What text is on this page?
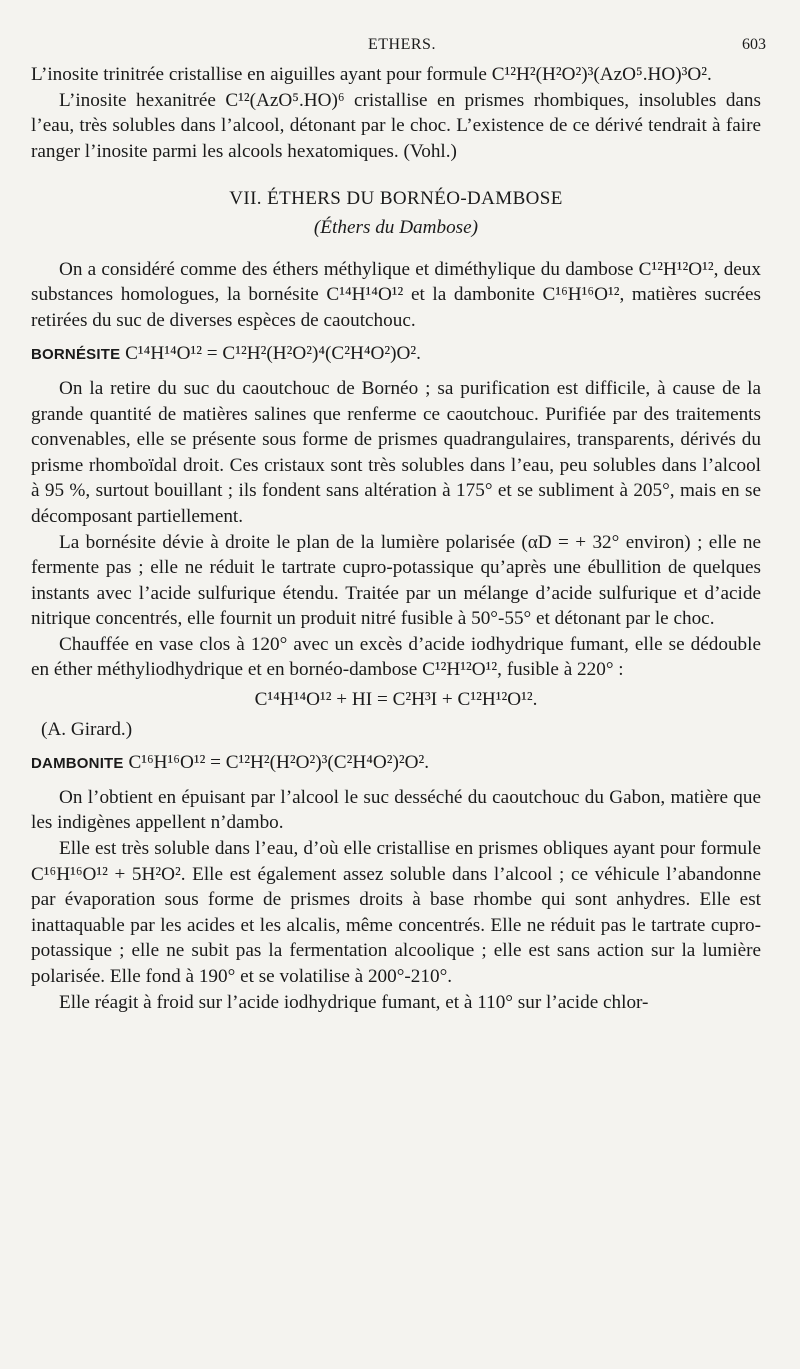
ETHERS.	603

L’inosite trinitrée cristallise en aiguilles ayant pour formule C¹²H²(H²O²)³(AzO⁵.HO)³O².

L’inosite hexanitrée C¹²(AzO⁵.HO)⁶ cristallise en prismes rhombiques, insolubles dans l’eau, très solubles dans l’alcool, détonant par le choc. L’existence de ce dérivé tendrait à faire ranger l’inosite parmi les alcools hexatomiques. (Vohl.)

VII. ÉTHERS DU BORNÉO-DAMBOSE
(Éthers du Dambose)

On a considéré comme des éthers méthylique et diméthylique du dambose C¹²H¹²O¹², deux substances homologues, la bornésite C¹⁴H¹⁴O¹² et la dambonite C¹⁶H¹⁶O¹², matières sucrées retirées du suc de diverses espèces de caoutchouc.

BORNÉSITE C¹⁴H¹⁴O¹² = C¹²H²(H²O²)⁴(C²H⁴O²)O².

On la retire du suc du caoutchouc de Bornéo ; sa purification est difficile, à cause de la grande quantité de matières salines que renferme ce caoutchouc. Purifiée par des traitements convenables, elle se présente sous forme de prismes quadrangulaires, transparents, dérivés du prisme rhomboïdal droit. Ces cristaux sont très solubles dans l’eau, peu solubles dans l’alcool à 95 %, surtout bouillant ; ils fondent sans altération à 175° et se subliment à 205°, mais en se décomposant partiellement.

La bornésite dévie à droite le plan de la lumière polarisée (αD = + 32° environ) ; elle ne fermente pas ; elle ne réduit le tartrate cupro-potassique qu’après une ébullition de quelques instants avec l’acide sulfurique étendu. Traitée par un mélange d’acide sulfurique et d’acide nitrique concentrés, elle fournit un produit nitré fusible à 50°-55° et détonant par le choc.

Chauffée en vase clos à 120° avec un excès d’acide iodhydrique fumant, elle se dédouble en éther méthyliodhydrique et en bornéo-dambose C¹²H¹²O¹², fusible à 220° :

C¹⁴H¹⁴O¹² + HI = C²H³I + C¹²H¹²O¹².

(A. Girard.)

DAMBONITE C¹⁶H¹⁶O¹² = C¹²H²(H²O²)³(C²H⁴O²)²O².

On l’obtient en épuisant par l’alcool le suc desséché du caoutchouc du Gabon, matière que les indigènes appellent n’dambo.

Elle est très soluble dans l’eau, d’où elle cristallise en prismes obliques ayant pour formule C¹⁶H¹⁶O¹² + 5H²O². Elle est également assez soluble dans l’alcool ; ce véhicule l’abandonne par évaporation sous forme de prismes droits à base rhombe qui sont anhydres. Elle est inattaquable par les acides et les alcalis, même concentrés. Elle ne réduit pas le tartrate cupro-potassique ; elle ne subit pas la fermentation alcoolique ; elle est sans action sur la lumière polarisée. Elle fond à 190° et se volatilise à 200°-210°.

Elle réagit à froid sur l’acide iodhydrique fumant, et à 110° sur l’acide chlor-
